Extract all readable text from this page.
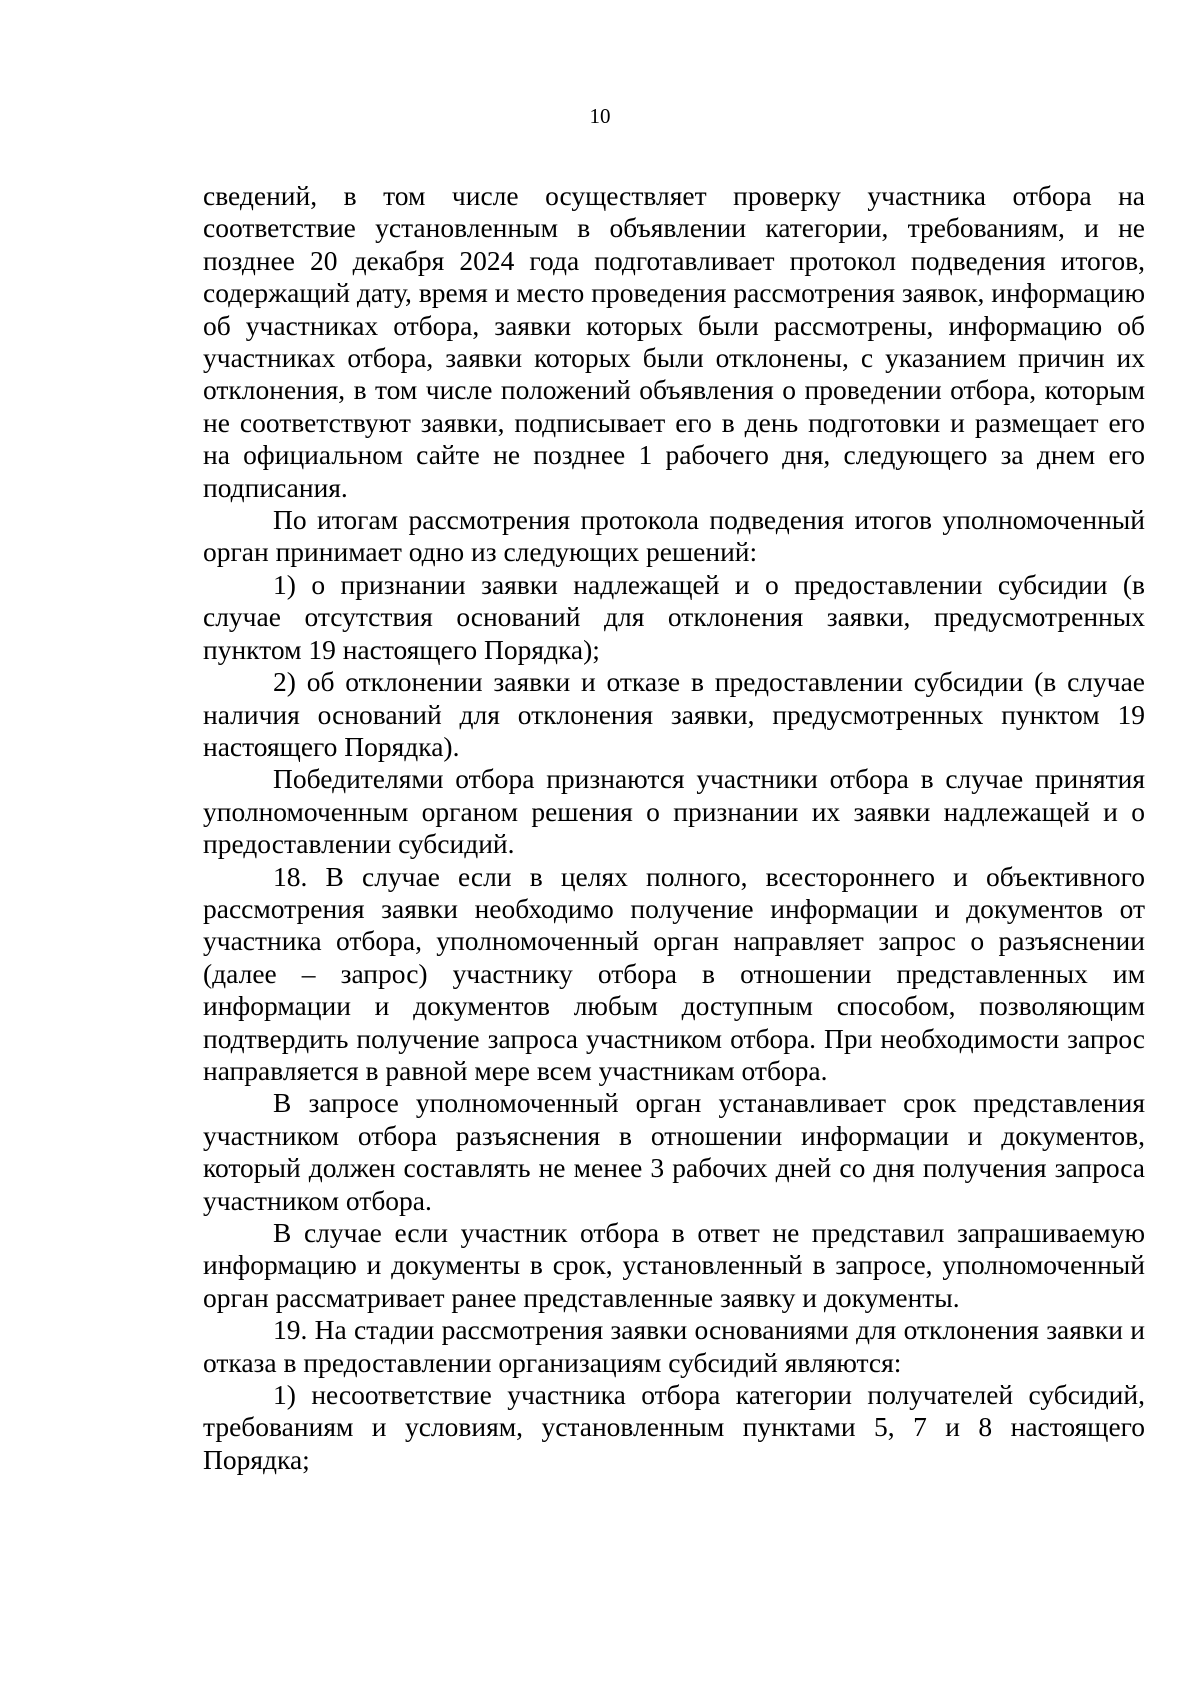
10

сведений, в том числе осуществляет проверку участника отбора на соответствие установленным в объявлении категории, требованиям, и не позднее 20 декабря 2024 года подготавливает протокол подведения итогов, содержащий дату, время и место проведения рассмотрения заявок, информацию об участниках отбора, заявки которых были рассмотрены, информацию об участниках отбора, заявки которых были отклонены, с указанием причин их отклонения, в том числе положений объявления о проведении отбора, которым не соответствуют заявки, подписывает его в день подготовки и размещает его на официальном сайте не позднее 1 рабочего дня, следующего за днем его подписания.

По итогам рассмотрения протокола подведения итогов уполномоченный орган принимает одно из следующих решений:

1) о признании заявки надлежащей и о предоставлении субсидии (в случае отсутствия оснований для отклонения заявки, предусмотренных пунктом 19 настоящего Порядка);

2) об отклонении заявки и отказе в предоставлении субсидии (в случае наличия оснований для отклонения заявки, предусмотренных пунктом 19 настоящего Порядка).

Победителями отбора признаются участники отбора в случае принятия уполномоченным органом решения о признании их заявки надлежащей и о предоставлении субсидий.

18. В случае если в целях полного, всестороннего и объективного рассмотрения заявки необходимо получение информации и документов от участника отбора, уполномоченный орган направляет запрос о разъяснении (далее – запрос) участнику отбора в отношении представленных им информации и документов любым доступным способом, позволяющим подтвердить получение запроса участником отбора. При необходимости запрос направляется в равной мере всем участникам отбора.

В запросе уполномоченный орган устанавливает срок представления участником отбора разъяснения в отношении информации и документов, который должен составлять не менее 3 рабочих дней со дня получения запроса участником отбора.

В случае если участник отбора в ответ не представил запрашиваемую информацию и документы в срок, установленный в запросе, уполномоченный орган рассматривает ранее представленные заявку и документы.

19. На стадии рассмотрения заявки основаниями для отклонения заявки и отказа в предоставлении организациям субсидий являются:

1) несоответствие участника отбора категории получателей субсидий, требованиям и условиям, установленным пунктами 5, 7 и 8 настоящего Порядка;
